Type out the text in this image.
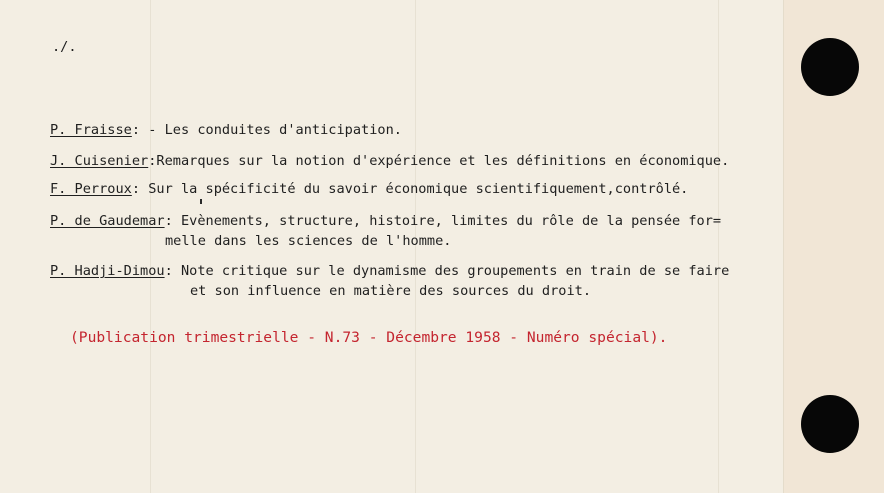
./.

P. Fraisse: - Les conduites d'anticipation.

J. Cuisenier:Remarques sur la notion d'expérience et les définitions en économique.

F. Perroux: Sur la spécificité du savoir économique scientifiquement,contrôlé.

P. de Gaudemar: Evènements, structure, histoire, limites du rôle de la pensée for=

melle dans les sciences de l'homme.

P. Hadji-Dimou: Note critique sur le dynamisme des groupements en train de se faire

et son influence en matière des sources du droit.

(Publication trimestrielle - N.73 - Décembre 1958 - Numéro spécial).
